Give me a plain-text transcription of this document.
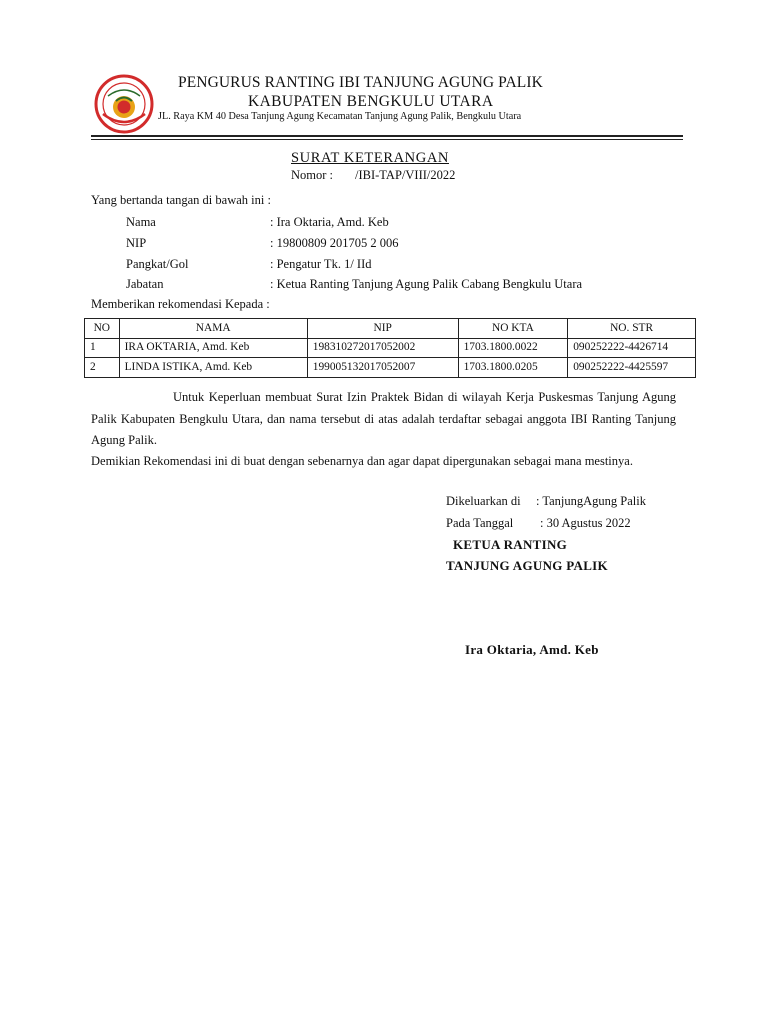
PENGURUS RANTING IBI TANJUNG AGUNG PALIK
KABUPATEN BENGKULU UTARA
JL. Raya KM 40 Desa Tanjung Agung Kecamatan Tanjung Agung Palik, Bengkulu Utara
SURAT KETERANGAN
Nomor : /IBI-TAP/VIII/2022
Yang bertanda tangan di bawah ini :
Nama	: Ira Oktaria, Amd. Keb
NIP	: 19800809 201705 2 006
Pangkat/Gol	: Pengatur Tk. 1/ IId
Jabatan	: Ketua Ranting Tanjung Agung Palik Cabang Bengkulu Utara
Memberikan rekomendasi Kepada :
NO	NAMA	NIP	NO KTA	NO. STR
1	IRA OKTARIA, Amd. Keb	198310272017052002	1703.1800.0022	090252222-4426714
2	LINDA ISTIKA, Amd. Keb	199005132017052007	1703.1800.0205	090252222-4425597
Untuk Keperluan membuat Surat Izin Praktek Bidan di wilayah Kerja Puskesmas Tanjung Agung Palik Kabupaten Bengkulu Utara, dan nama tersebut di atas adalah terdaftar sebagai anggota IBI Ranting Tanjung Agung Palik.
Demikian Rekomendasi ini di buat dengan sebenarnya dan agar dapat dipergunakan sebagai mana mestinya.
Dikeluarkan di : TanjungAgung Palik
Pada Tanggal : 30 Agustus 2022
KETUA RANTING
TANJUNG AGUNG PALIK
Ira Oktaria, Amd. Keb
